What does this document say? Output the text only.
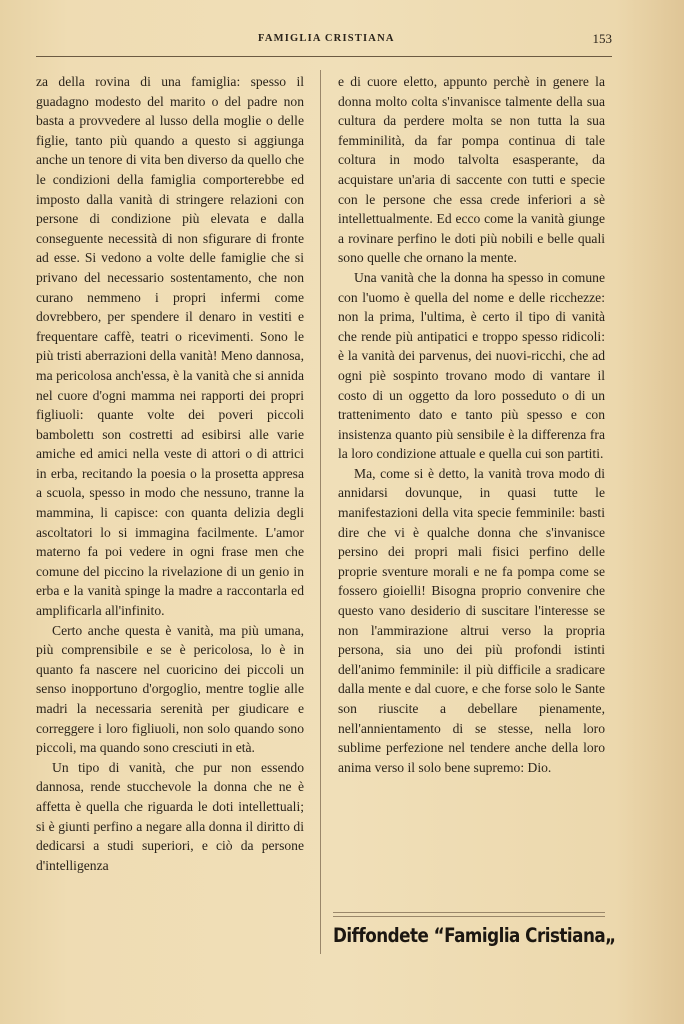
FAMIGLIA CRISTIANA	153

za della rovina di una famiglia: spesso il guadagno modesto del marito o del padre non basta a provvedere al lusso della moglie o delle figlie, tanto più quando a questo si aggiunga anche un tenore di vita ben diverso da quello che le condizioni della famiglia comporterebbe ed imposto dalla vanità di stringere relazioni con persone di condizione più elevata e dalla conseguente necessità di non sfigurare di fronte ad esse. Si vedono a volte delle famiglie che si privano del necessario sostentamento, che non curano nemmeno i propri infermi come dovrebbero, per spendere il denaro in vestiti e frequentare caffè, teatri o ricevimenti. Sono le più tristi aberrazioni della vanità! Meno dannosa, ma pericolosa anch'essa, è la vanità che si annida nel cuore d'ogni mamma nei rapporti dei propri figliuoli: quante volte dei poveri piccoli bambolettı son costretti ad esibirsi alle varie amiche ed amici nella veste di attori o di attrici in erba, recitando la poesia o la prosetta appresa a scuola, spesso in modo che nessuno, tranne la mammina, li capisce: con quanta delizia degli ascoltatori lo si immagina facilmente. L'amor materno fa poi vedere in ogni frase men che comune del piccino la rivelazione di un genio in erba e la vanità spinge la madre a raccontarla ed amplificarla all'infinito.

Certo anche questa è vanità, ma più umana, più comprensibile e se è pericolosa, lo è in quanto fa nascere nel cuoricino dei piccoli un senso inopportuno d'orgoglio, mentre toglie alle madri la necessaria serenità per giudicare e correggere i loro figliuoli, non solo quando sono piccoli, ma quando sono cresciuti in età.

Un tipo di vanità, che pur non essendo dannosa, rende stucchevole la donna che ne è affetta è quella che riguarda le doti intellettuali; si è giunti perfino a negare alla donna il diritto di dedicarsi a studi superiori, e ciò da persone d'intelligenza

e di cuore eletto, appunto perchè in genere la donna molto colta s'invanisce talmente della sua cultura da perdere molta se non tutta la sua femminilità, da far pompa continua di tale coltura in modo talvolta esasperante, da acquistare un'aria di saccente con tutti e specie con le persone che essa crede inferiori a sè intellettualmente. Ed ecco come la vanità giunge a rovinare perfino le doti più nobili e belle quali sono quelle che ornano la mente.

Una vanità che la donna ha spesso in comune con l'uomo è quella del nome e delle ricchezze: non la prima, l'ultima, è certo il tipo di vanità che rende più antipatici e troppo spesso ridicoli: è la vanità dei parvenus, dei nuovi-ricchi, che ad ogni piè sospinto trovano modo di vantare il costo di un oggetto da loro posseduto o di un trattenimento dato e tanto più spesso e con insistenza quanto più sensibile è la differenza fra la loro condizione attuale e quella cui son partiti.

Ma, come si è detto, la vanità trova modo di annidarsi dovunque, in quasi tutte le manifestazioni della vita specie femminile: basti dire che vi è qualche donna che s'invanisce persino dei propri mali fisici perfino delle proprie sventure morali e ne fa pompa come se fossero gioielli! Bisogna proprio convenire che questo vano desiderio di suscitare l'interesse se non l'ammirazione altrui verso la propria persona, sia uno dei più profondi istinti dell'animo femminile: il più difficile a sradicare dalla mente e dal cuore, e che forse solo le Sante son riuscite a debellare pienamente, nell'annientamento di se stesse, nella loro sublime perfezione nel tendere anche della loro anima verso il solo bene supremo: Dio.

Diffondete “Famiglia Cristiana„
